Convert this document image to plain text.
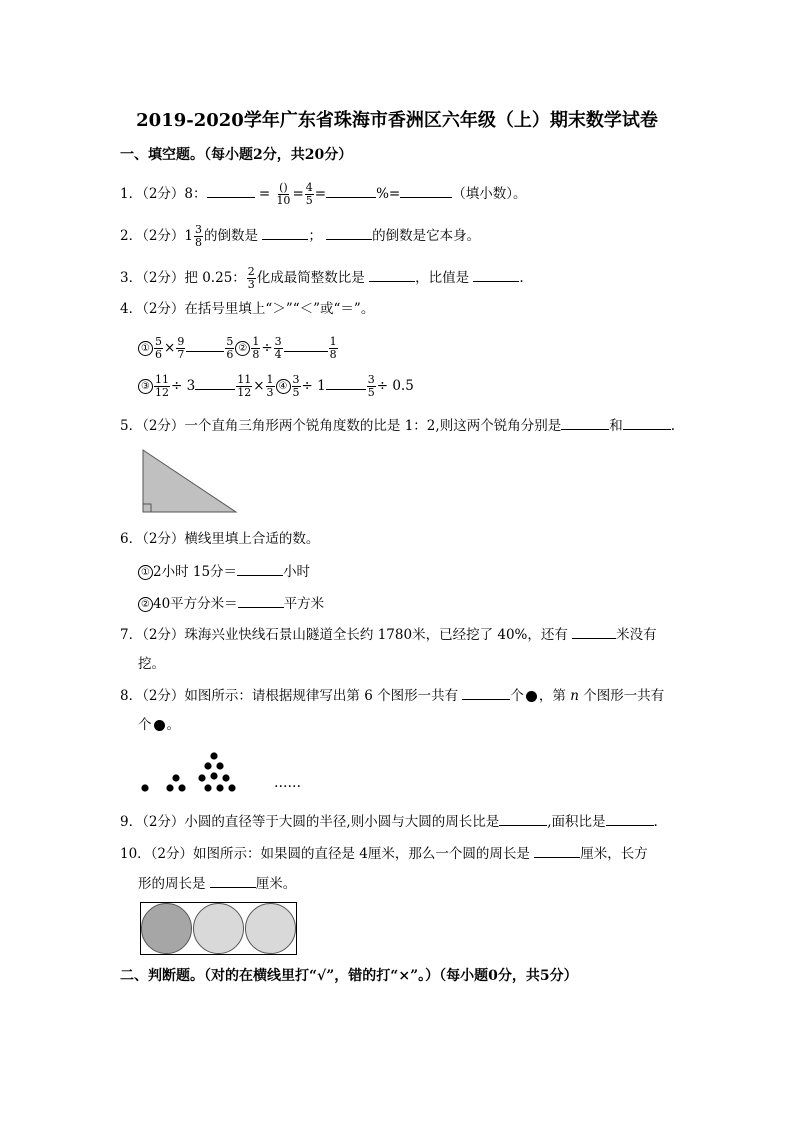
2019-2020学年广东省珠海市香洲区六年级（上）期末数学试卷
一、填空题。（每小题2分，共20分）
1．（2分）8：	= $\frac{()}{10} = \frac{4}{5}$ =	%=	（填小数）。
2．（2分）$1 \frac{3}{8}$ 的倒数是	；	的倒数是它本身。
3．（2分）把 0.25： $\frac{2}{3}$ 化成最简整数比是	，比值是	.
4．（2分）在括号里填上“＞”“＜”或“＝”。
① $\frac{5}{6} \times \frac{9}{7}$	$\frac{5}{6}$ ② $\frac{1}{8} \div \frac{3}{4}$	$\frac{1}{8}$
③ $\frac{11}{12} \div 3$	$\frac{11}{12} \times \frac{1}{3}$ ④ $\frac{3}{5} \div 1$	$\frac{3}{5} \div 0.5$
5．（2分）一个直角三角形两个锐角度数的比是 1：2,则这两个锐角分别是	和	.
6．（2分）横线里填上合适的数。
① 2小时 15分＝	小时
② 40平方分米＝	平方米
7．（2分）珠海兴业快线石景山隧道全长约 1780米，已经挖了 40%，还有	米没有
挖。
8．（2分）如图所示：请根据规律写出第 6 个图形一共有	个 ，第 n 个图形一共有
个 。
……
9．（2分）小圆的直径等于大圆的半径,则小圆与大圆的周长比是	,面积比是	.
10．（2分）如图所示：如果圆的直径是 4厘米，那么一个圆的周长是	厘米，长方
形的周长是	厘米。
二、判断题。（对的在横线里打“√”，错的打“×”。）（每小题0分，共5分）
